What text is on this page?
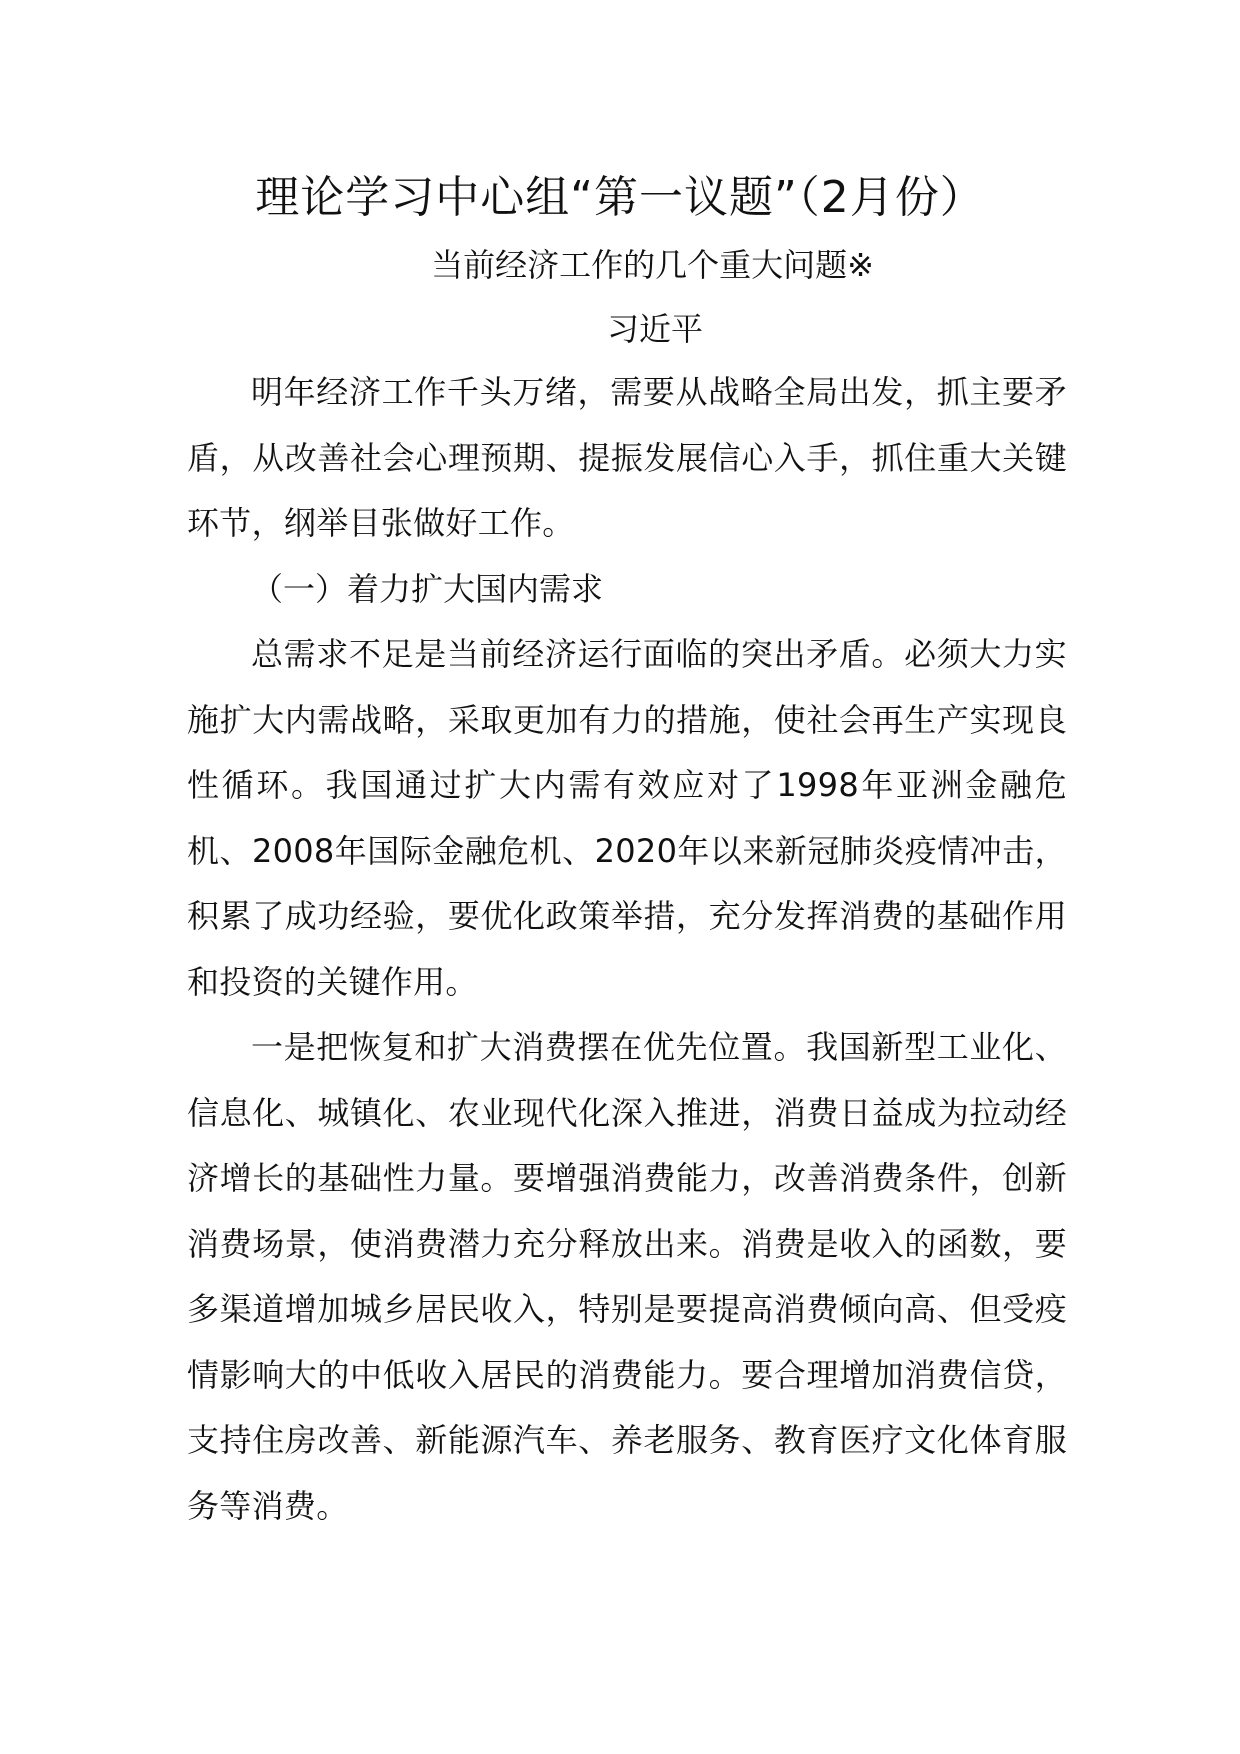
理论学习中心组“第一议题”（2月份）
当前经济工作的几个重大问题※
习近平

明年经济工作千头万绪，需要从战略全局出发，抓主要矛盾，从改善社会心理预期、提振发展信心入手，抓住重大关键环节，纲举目张做好工作。

（一）着力扩大国内需求

总需求不足是当前经济运行面临的突出矛盾。必须大力实施扩大内需战略，采取更加有力的措施，使社会再生产实现良性循环。我国通过扩大内需有效应对了1998年亚洲金融危机、2008年国际金融危机、2020年以来新冠肺炎疫情冲击，积累了成功经验，要优化政策举措，充分发挥消费的基础作用和投资的关键作用。

一是把恢复和扩大消费摆在优先位置。我国新型工业化、信息化、城镇化、农业现代化深入推进，消费日益成为拉动经济增长的基础性力量。要增强消费能力，改善消费条件，创新消费场景，使消费潜力充分释放出来。消费是收入的函数，要多渠道增加城乡居民收入，特别是要提高消费倾向高、但受疫情影响大的中低收入居民的消费能力。要合理增加消费信贷，支持住房改善、新能源汽车、养老服务、教育医疗文化体育服务等消费。
